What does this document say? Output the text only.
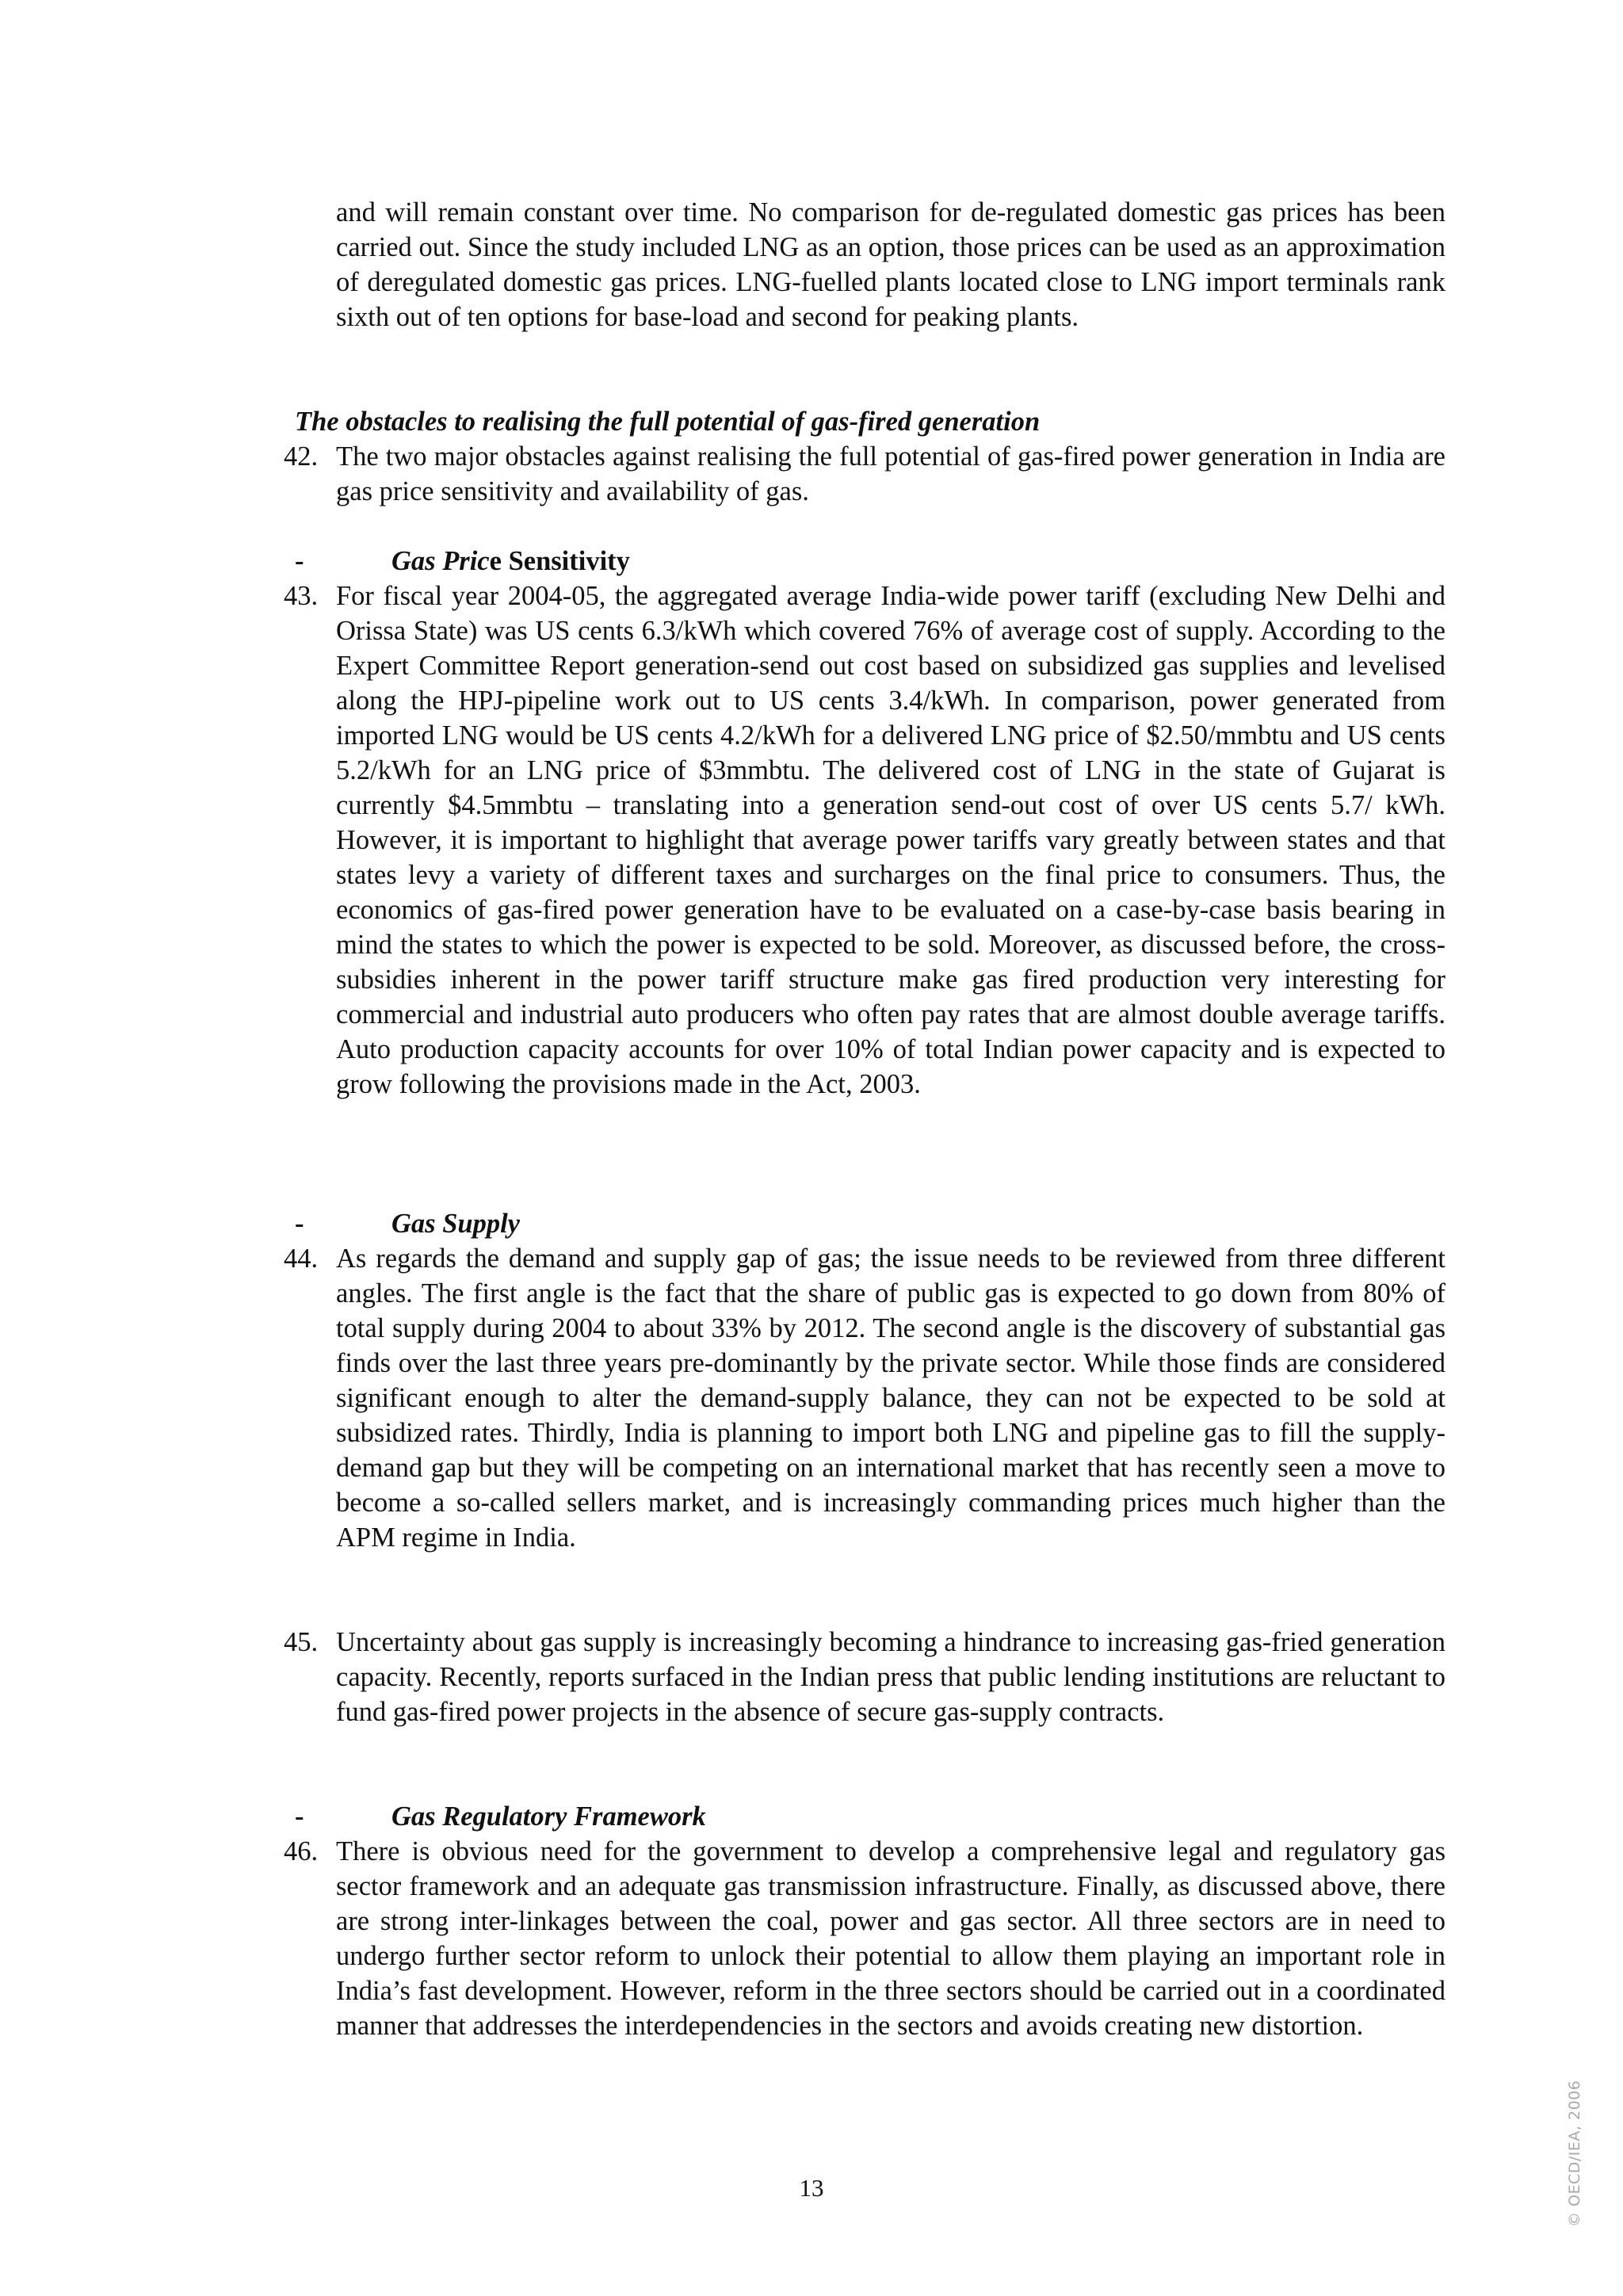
and will remain constant over time. No comparison for de-regulated domestic gas prices has been carried out. Since the study included LNG as an option, those prices can be used as an approximation of deregulated domestic gas prices. LNG-fuelled plants located close to LNG import terminals rank sixth out of ten options for base-load and second for peaking plants.

The obstacles to realising the full potential of gas-fired generation

42. The two major obstacles against realising the full potential of gas-fired power generation in India are gas price sensitivity and availability of gas.
-	Gas Price Sensitivity
43. For fiscal year 2004-05, the aggregated average India-wide power tariff (excluding New Delhi and Orissa State) was US cents 6.3/kWh which covered 76% of average cost of supply. According to the Expert Committee Report generation-send out cost based on subsidized gas supplies and levelised along the HPJ-pipeline work out to US cents 3.4/kWh. In comparison, power generated from imported LNG would be US cents 4.2/kWh for a delivered LNG price of $2.50/mmbtu and US cents 5.2/kWh for an LNG price of $3mmbtu. The delivered cost of LNG in the state of Gujarat is currently $4.5mmbtu – translating into a generation send-out cost of over US cents 5.7/ kWh. However, it is important to highlight that average power tariffs vary greatly between states and that states levy a variety of different taxes and surcharges on the final price to consumers. Thus, the economics of gas-fired power generation have to be evaluated on a case-by-case basis bearing in mind the states to which the power is expected to be sold. Moreover, as discussed before, the cross-subsidies inherent in the power tariff structure make gas fired production very interesting for commercial and industrial auto producers who often pay rates that are almost double average tariffs. Auto production capacity accounts for over 10% of total Indian power capacity and is expected to grow following the provisions made in the Act, 2003.
-	Gas Supply
44. As regards the demand and supply gap of gas; the issue needs to be reviewed from three different angles. The first angle is the fact that the share of public gas is expected to go down from 80% of total supply during 2004 to about 33% by 2012. The second angle is the discovery of substantial gas finds over the last three years pre-dominantly by the private sector. While those finds are considered significant enough to alter the demand-supply balance, they can not be expected to be sold at subsidized rates. Thirdly, India is planning to import both LNG and pipeline gas to fill the supply-demand gap but they will be competing on an international market that has recently seen a move to become a so-called sellers market, and is increasingly commanding prices much higher than the APM regime in India.
45. Uncertainty about gas supply is increasingly becoming a hindrance to increasing gas-fried generation capacity. Recently, reports surfaced in the Indian press that public lending institutions are reluctant to fund gas-fired power projects in the absence of secure gas-supply contracts.
-	Gas Regulatory Framework
46. There is obvious need for the government to develop a comprehensive legal and regulatory gas sector framework and an adequate gas transmission infrastructure. Finally, as discussed above, there are strong inter-linkages between the coal, power and gas sector. All three sectors are in need to undergo further sector reform to unlock their potential to allow them playing an important role in India’s fast development. However, reform in the three sectors should be carried out in a coordinated manner that addresses the interdependencies in the sectors and avoids creating new distortion.
13	© OECD/IEA, 2006
